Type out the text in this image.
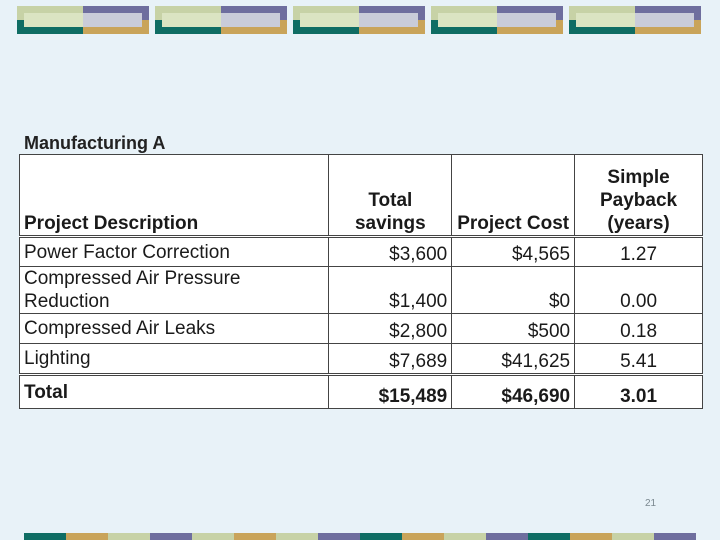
Manufacturing A
Project Description	Total savings	Project Cost	Simple Payback (years)
Power Factor Correction	$3,600	$4,565	1.27
Compressed Air Pressure Reduction	$1,400	$0	0.00
Compressed Air Leaks	$2,800	$500	0.18
Lighting	$7,689	$41,625	5.41
Total	$15,489	$46,690	3.01
21
